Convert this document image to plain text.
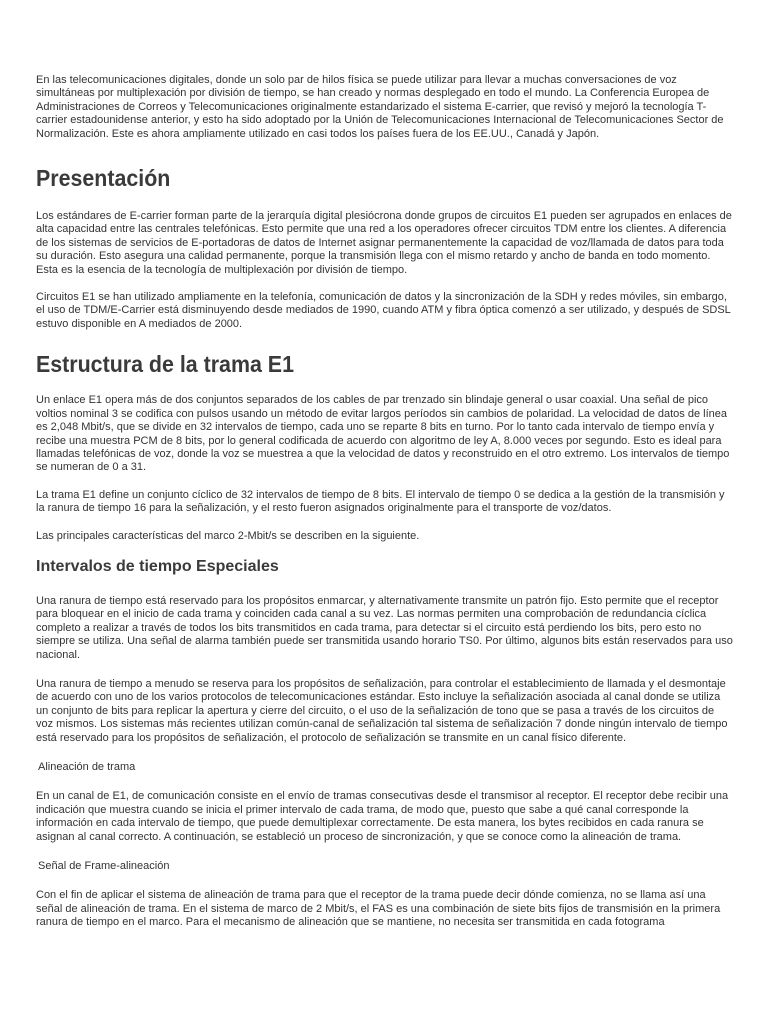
En las telecomunicaciones digitales, donde un solo par de hilos física se puede utilizar para llevar a muchas conversaciones de voz simultáneas por multiplexación por división de tiempo, se han creado y normas desplegado en todo el mundo. La Conferencia Europea de Administraciones de Correos y Telecomunicaciones originalmente estandarizado el sistema E-carrier, que revisó y mejoró la tecnología T-carrier estadounidense anterior, y esto ha sido adoptado por la Unión de Telecomunicaciones Internacional de Telecomunicaciones Sector de Normalización. Este es ahora ampliamente utilizado en casi todos los países fuera de los EE.UU., Canadá y Japón.

Presentación

Los estándares de E-carrier forman parte de la jerarquía digital plesiócrona donde grupos de circuitos E1 pueden ser agrupados en enlaces de alta capacidad entre las centrales telefónicas. Esto permite que una red a los operadores ofrecer circuitos TDM entre los clientes. A diferencia de los sistemas de servicios de E-portadoras de datos de Internet asignar permanentemente la capacidad de voz/llamada de datos para toda su duración. Esto asegura una calidad permanente, porque la transmisión llega con el mismo retardo y ancho de banda en todo momento. Esta es la esencia de la tecnología de multiplexación por división de tiempo.

Circuitos E1 se han utilizado ampliamente en la telefonía, comunicación de datos y la sincronización de la SDH y redes móviles, sin embargo, el uso de TDM/E-Carrier está disminuyendo desde mediados de 1990, cuando ATM y fibra óptica comenzó a ser utilizado, y después de SDSL estuvo disponible en A mediados de 2000.

Estructura de la trama E1

Un enlace E1 opera más de dos conjuntos separados de los cables de par trenzado sin blindaje general o usar coaxial. Una señal de pico voltios nominal 3 se codifica con pulsos usando un método de evitar largos períodos sin cambios de polaridad. La velocidad de datos de línea es 2,048 Mbit/s, que se divide en 32 intervalos de tiempo, cada uno se reparte 8 bits en turno. Por lo tanto cada intervalo de tiempo envía y recibe una muestra PCM de 8 bits, por lo general codificada de acuerdo con algoritmo de ley A, 8.000 veces por segundo. Esto es ideal para llamadas telefónicas de voz, donde la voz se muestrea a que la velocidad de datos y reconstruido en el otro extremo. Los intervalos de tiempo se numeran de 0 a 31.

La trama E1 define un conjunto cíclico de 32 intervalos de tiempo de 8 bits. El intervalo de tiempo 0 se dedica a la gestión de la transmisión y la ranura de tiempo 16 para la señalización, y el resto fueron asignados originalmente para el transporte de voz/datos.

Las principales características del marco 2-Mbit/s se describen en la siguiente.

Intervalos de tiempo Especiales

Una ranura de tiempo está reservado para los propósitos enmarcar, y alternativamente transmite un patrón fijo. Esto permite que el receptor para bloquear en el inicio de cada trama y coinciden cada canal a su vez. Las normas permiten una comprobación de redundancia cíclica completo a realizar a través de todos los bits transmitidos en cada trama, para detectar si el circuito está perdiendo los bits, pero esto no siempre se utiliza. Una señal de alarma también puede ser transmitida usando horario TS0. Por último, algunos bits están reservados para uso nacional.

Una ranura de tiempo a menudo se reserva para los propósitos de señalización, para controlar el establecimiento de llamada y el desmontaje de acuerdo con uno de los varios protocolos de telecomunicaciones estándar. Esto incluye la señalización asociada al canal donde se utiliza un conjunto de bits para replicar la apertura y cierre del circuito, o el uso de la señalización de tono que se pasa a través de los circuitos de voz mismos. Los sistemas más recientes utilizan común-canal de señalización tal sistema de señalización 7 donde ningún intervalo de tiempo está reservado para los propósitos de señalización, el protocolo de señalización se transmite en un canal físico diferente.

Alineación de trama

En un canal de E1, de comunicación consiste en el envío de tramas consecutivas desde el transmisor al receptor. El receptor debe recibir una indicación que muestra cuando se inicia el primer intervalo de cada trama, de modo que, puesto que sabe a qué canal corresponde la información en cada intervalo de tiempo, que puede demultiplexar correctamente. De esta manera, los bytes recibidos en cada ranura se asignan al canal correcto. A continuación, se estableció un proceso de sincronización, y que se conoce como la alineación de trama.

Señal de Frame-alineación

Con el fin de aplicar el sistema de alineación de trama para que el receptor de la trama puede decir dónde comienza, no se llama así una señal de alineación de trama. En el sistema de marco de 2 Mbit/s, el FAS es una combinación de siete bits fijos de transmisión en la primera ranura de tiempo en el marco. Para el mecanismo de alineación que se mantiene, no necesita ser transmitida en cada fotograma
